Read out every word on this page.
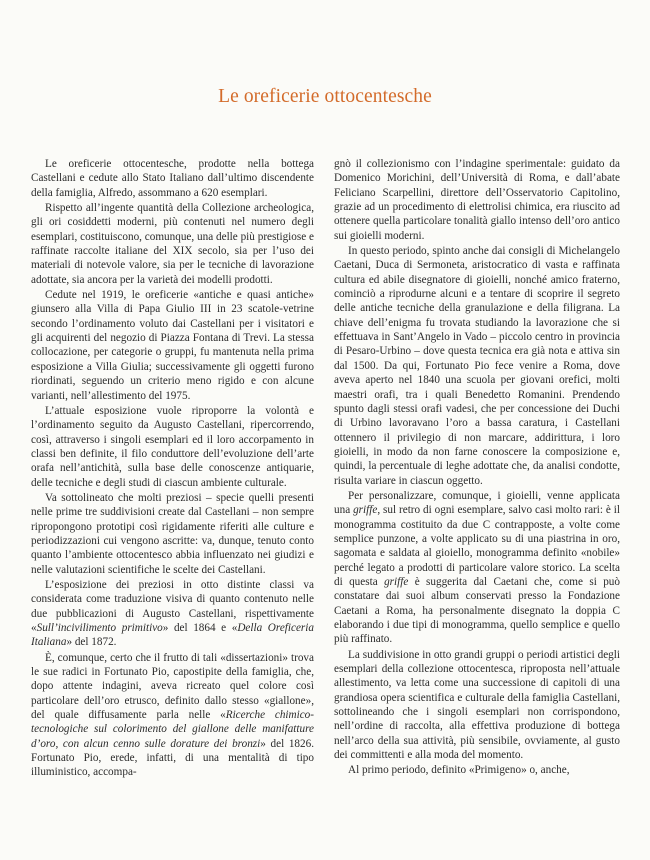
Le oreficerie ottocentesche

Le oreficerie ottocentesche, prodotte nella bottega Castellani e cedute allo Stato Italiano dall’ultimo discendente della famiglia, Alfredo, assommano a 620 esemplari.

Rispetto all’ingente quantità della Collezione archeologica, gli ori cosiddetti moderni, più contenuti nel numero degli esemplari, costituiscono, comunque, una delle più prestigiose e raffinate raccolte italiane del XIX secolo, sia per l’uso dei materiali di notevole valore, sia per le tecniche di lavorazione adottate, sia ancora per la varietà dei modelli prodotti.

Cedute nel 1919, le oreficerie «antiche e quasi antiche» giunsero alla Villa di Papa Giulio III in 23 scatole-vetrine secondo l’ordinamento voluto dai Castellani per i visitatori e gli acquirenti del negozio di Piazza Fontana di Trevi. La stessa collocazione, per categorie o gruppi, fu mantenuta nella prima esposizione a Villa Giulia; successivamente gli oggetti furono riordinati, seguendo un criterio meno rigido e con alcune varianti, nell’allestimento del 1975.

L’attuale esposizione vuole riproporre la volontà e l’ordinamento seguito da Augusto Castellani, ripercorrendo, così, attraverso i singoli esemplari ed il loro accorpamento in classi ben definite, il filo conduttore dell’evoluzione dell’arte orafa nell’antichità, sulla base delle conoscenze antiquarie, delle tecniche e degli studi di ciascun ambiente culturale.

Va sottolineato che molti preziosi – specie quelli presenti nelle prime tre suddivisioni create dal Castellani – non sempre ripropongono prototipi così rigidamente riferiti alle culture e periodizzazioni cui vengono ascritte: va, dunque, tenuto conto quanto l’ambiente ottocentesco abbia influenzato nei giudizi e nelle valutazioni scientifiche le scelte dei Castellani.

L’esposizione dei preziosi in otto distinte classi va considerata come traduzione visiva di quanto contenuto nelle due pubblicazioni di Augusto Castellani, rispettivamente «Sull’incivilimento primitivo» del 1864 e «Della Oreficeria Italiana» del 1872.

È, comunque, certo che il frutto di tali «dissertazioni» trova le sue radici in Fortunato Pio, capostipite della famiglia, che, dopo attente indagini, aveva ricreato quel colore così particolare dell’oro etrusco, definito dallo stesso «giallone», del quale diffusamente parla nelle «Ricerche chimico-tecnologiche sul colorimento del giallone delle manifatture d’oro, con alcun cenno sulle dorature dei bronzi» del 1826. Fortunato Pio, erede, infatti, di una mentalità di tipo illuministico, accompa-

gnò il collezionismo con l’indagine sperimentale: guidato da Domenico Morichini, dell’Università di Roma, e dall’abate Feliciano Scarpellini, direttore dell’Osservatorio Capitolino, grazie ad un procedimento di elettrolisi chimica, era riuscito ad ottenere quella particolare tonalità giallo intenso dell’oro antico sui gioielli moderni.

In questo periodo, spinto anche dai consigli di Michelangelo Caetani, Duca di Sermoneta, aristocratico di vasta e raffinata cultura ed abile disegnatore di gioielli, nonché amico fraterno, cominciò a riprodurne alcuni e a tentare di scoprire il segreto delle antiche tecniche della granulazione e della filigrana. La chiave dell’enigma fu trovata studiando la lavorazione che si effettuava in Sant’Angelo in Vado – piccolo centro in provincia di Pesaro-Urbino – dove questa tecnica era già nota e attiva sin dal 1500. Da qui, Fortunato Pio fece venire a Roma, dove aveva aperto nel 1840 una scuola per giovani orefici, molti maestri orafi, tra i quali Benedetto Romanini. Prendendo spunto dagli stessi orafi vadesi, che per concessione dei Duchi di Urbino lavoravano l’oro a bassa caratura, i Castellani ottennero il privilegio di non marcare, addirittura, i loro gioielli, in modo da non farne conoscere la composizione e, quindi, la percentuale di leghe adottate che, da analisi condotte, risulta variare in ciascun oggetto.

Per personalizzare, comunque, i gioielli, venne applicata una griffe, sul retro di ogni esemplare, salvo casi molto rari: è il monogramma costituito da due C contrapposte, a volte come semplice punzone, a volte applicato su di una piastrina in oro, sagomata e saldata al gioiello, monogramma definito «nobile» perché legato a prodotti di particolare valore storico. La scelta di questa griffe è suggerita dal Caetani che, come si può constatare dai suoi album conservati presso la Fondazione Caetani a Roma, ha personalmente disegnato la doppia C elaborando i due tipi di monogramma, quello semplice e quello più raffinato.

La suddivisione in otto grandi gruppi o periodi artistici degli esemplari della collezione ottocentesca, riproposta nell’attuale allestimento, va letta come una successione di capitoli di una grandiosa opera scientifica e culturale della famiglia Castellani, sottolineando che i singoli esemplari non corrispondono, nell’ordine di raccolta, alla effettiva produzione di bottega nell’arco della sua attività, più sensibile, ovviamente, al gusto dei committenti e alla moda del momento.

Al primo periodo, definito «Primigeno» o, anche,
